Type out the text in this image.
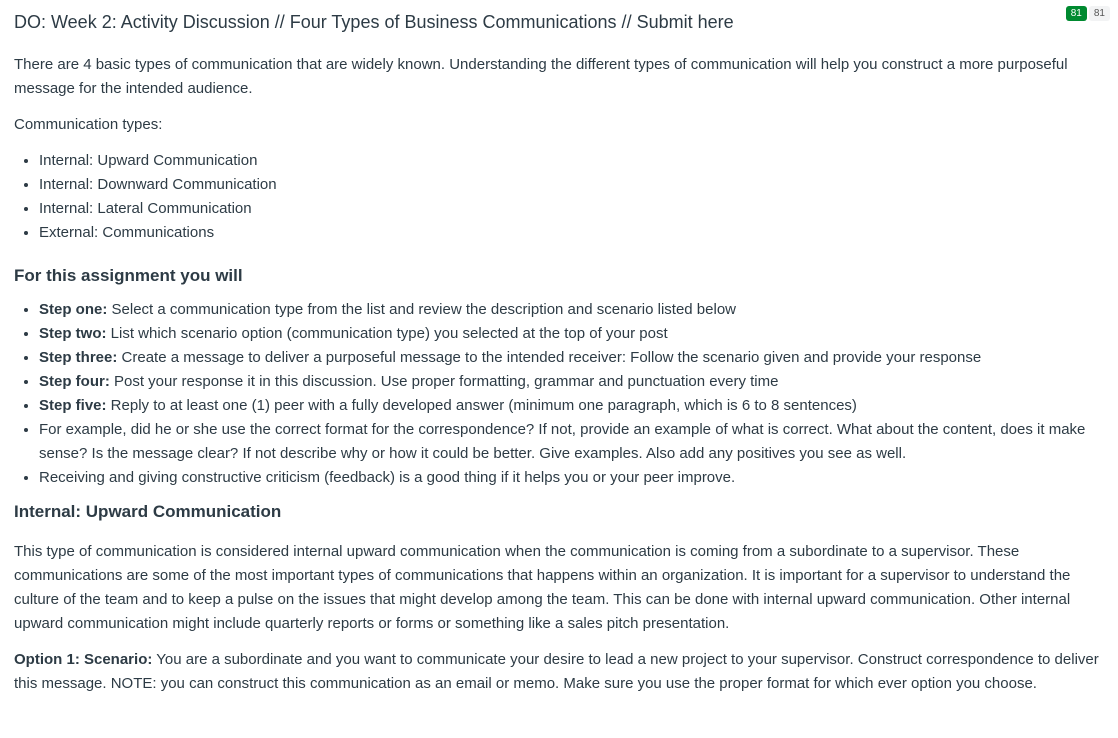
DO: Week 2: Activity Discussion // Four Types of Business Communications // Submit here	81	81

There are 4 basic types of communication that are widely known. Understanding the different types of communication will help you construct a more purposeful message for the intended audience.

Communication types:

• Internal: Upward Communication
• Internal: Downward Communication
• Internal: Lateral Communication
• External: Communications
For this assignment you will
• Step one: Select a communication type from the list and review the description and scenario listed below
• Step two: List which scenario option (communication type) you selected at the top of your post
• Step three: Create a message to deliver a purposeful message to the intended receiver: Follow the scenario given and provide your response
• Step four: Post your response it in this discussion. Use proper formatting, grammar and punctuation every time
• Step five: Reply to at least one (1) peer with a fully developed answer (minimum one paragraph, which is 6 to 8 sentences)
• For example, did he or she use the correct format for the correspondence? If not, provide an example of what is correct. What about the content, does it make sense? Is the message clear? If not describe why or how it could be better. Give examples. Also add any positives you see as well.
• Receiving and giving constructive criticism (feedback) is a good thing if it helps you or your peer improve.
Internal: Upward Communication

This type of communication is considered internal upward communication when the communication is coming from a subordinate to a supervisor. These communications are some of the most important types of communications that happens within an organization. It is important for a supervisor to understand the culture of the team and to keep a pulse on the issues that might develop among the team. This can be done with internal upward communication. Other internal upward communication might include quarterly reports or forms or something like a sales pitch presentation.

Option 1: Scenario: You are a subordinate and you want to communicate your desire to lead a new project to your supervisor. Construct correspondence to deliver this message. NOTE: you can construct this communication as an email or memo. Make sure you use the proper format for which ever option you choose.
